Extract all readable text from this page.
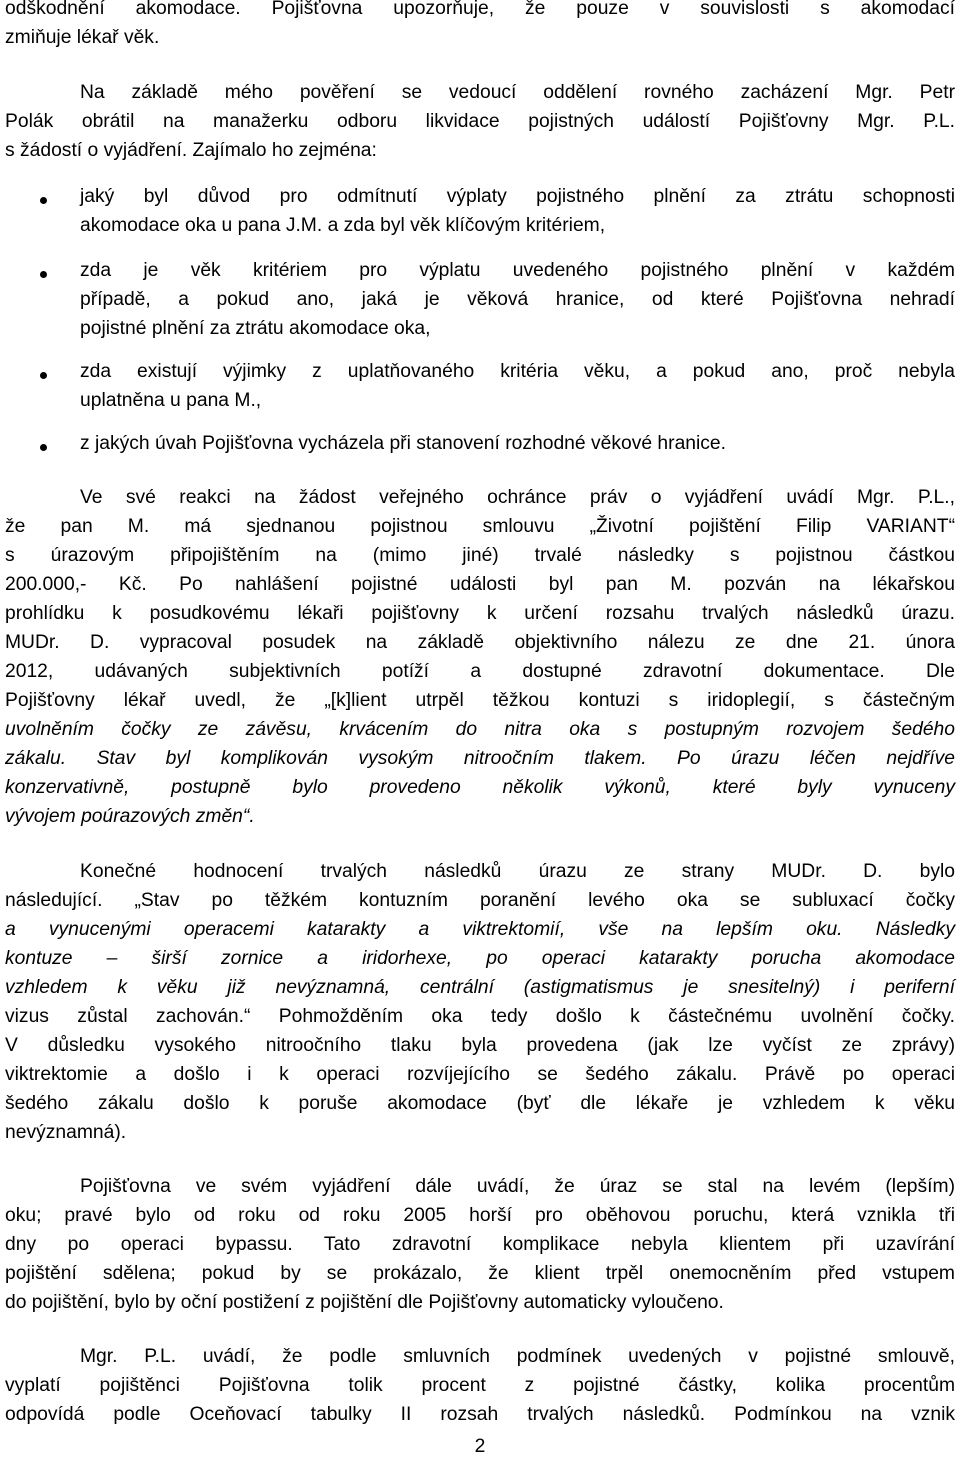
odškodnění akomodace. Pojišťovna upozorňuje, že pouze v souvislosti s akomodací
zmiňuje lékař věk.
Na základě mého pověření se vedoucí oddělení rovného zacházení Mgr. Petr
Polák obrátil na manažerku odboru likvidace pojistných událostí Pojišťovny Mgr. P.L.
s žádostí o vyjádření. Zajímalo ho zejména:
jaký byl důvod pro odmítnutí výplaty pojistného plnění za ztrátu schopnosti
akomodace oka u pana J.M. a zda byl věk klíčovým kritériem,
zda je věk kritériem pro výplatu uvedeného pojistného plnění v každém
případě, a pokud ano, jaká je věková hranice, od které Pojišťovna nehradí
pojistné plnění za ztrátu akomodace oka,
zda existují výjimky z uplatňovaného kritéria věku, a pokud ano, proč nebyla
uplatněna u pana M.,
z jakých úvah Pojišťovna vycházela při stanovení rozhodné věkové hranice.
Ve své reakci na žádost veřejného ochránce práv o vyjádření uvádí Mgr. P.L.,
že pan M. má sjednanou pojistnou smlouvu „Životní pojištění Filip VARIANT“
s úrazovým připojištěním na (mimo jiné) trvalé následky s pojistnou částkou
200.000,- Kč. Po nahlášení pojistné události byl pan M. pozván na lékařskou
prohlídku k posudkovému lékaři pojišťovny k určení rozsahu trvalých následků úrazu.
MUDr. D. vypracoval posudek na základě objektivního nálezu ze dne 21. února
2012, udávaných subjektivních potíží a dostupné zdravotní dokumentace. Dle
Pojišťovny lékař uvedl, že „[k]lient utrpěl těžkou kontuzi s iridoplegií, s částečným
uvolněním čočky ze závěsu, krvácením do nitra oka s postupným rozvojem šedého
zákalu. Stav byl komplikován vysokým nitroočním tlakem. Po úrazu léčen nejdříve
konzervativně, postupně bylo provedeno několik výkonů, které byly vynuceny
vývojem poúrazových změn“.
Konečné hodnocení trvalých následků úrazu ze strany MUDr. D. bylo
následující. „Stav po těžkém kontuzním poranění levého oka se subluxací čočky
a vynucenými operacemi katarakty a viktrektomií, vše na lepším oku. Následky
kontuze – širší zornice a iridorhexe, po operaci katarakty porucha akomodace
vzhledem k věku již nevýznamná, centrální (astigmatismus je snesitelný) i periferní
vizus zůstal zachován.“ Pohmožděním oka tedy došlo k částečnému uvolnění čočky.
V důsledku vysokého nitroočního tlaku byla provedena (jak lze vyčíst ze zprávy)
viktrektomie a došlo i k operaci rozvíjejícího se šedého zákalu. Právě po operaci
šedého zákalu došlo k poruše akomodace (byť dle lékaře je vzhledem k věku
nevýznamná).
Pojišťovna ve svém vyjádření dále uvádí, že úraz se stal na levém (lepším)
oku; pravé bylo od roku od roku 2005 horší pro oběhovou poruchu, která vznikla tři
dny po operaci bypassu. Tato zdravotní komplikace nebyla klientem při uzavírání
pojištění sdělena; pokud by se prokázalo, že klient trpěl onemocněním před vstupem
do pojištění, bylo by oční postižení z pojištění dle Pojišťovny automaticky vyloučeno.
Mgr. P.L. uvádí, že podle smluvních podmínek uvedených v pojistné smlouvě,
vyplatí pojištěnci Pojišťovna tolik procent z pojistné částky, kolika procentům
odpovídá podle Oceňovací tabulky II rozsah trvalých následků. Podmínkou na vznik
2
